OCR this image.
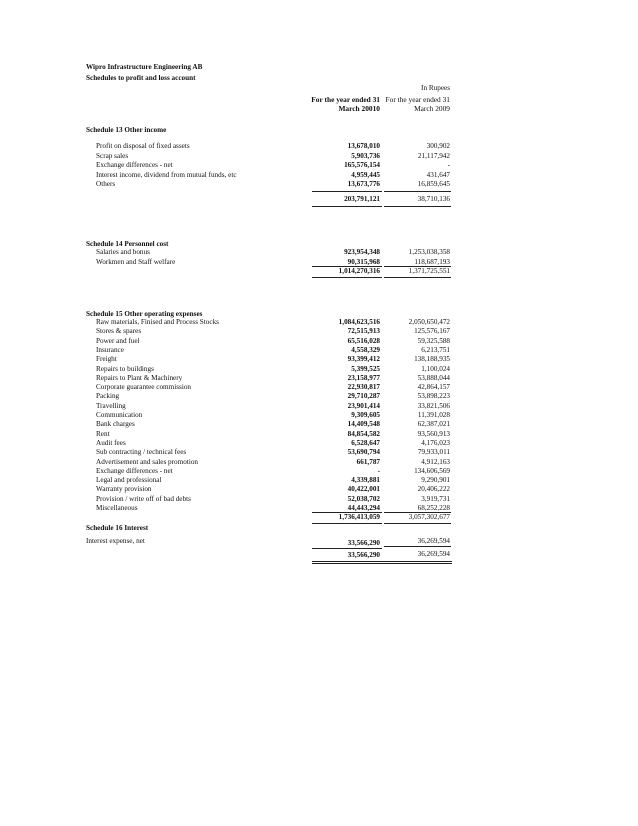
Wipro Infrastructure Engineering AB
Schedules to profit and loss account
In Rupees
For the year ended 31
March 20010
For the year ended 31
March 2009
Schedule 13 Other income
Profit on disposal of fixed assets	13,678,010	300,902
Scrap sales	5,903,736	21,117,942
Exchange differences - net	165,576,154	-
Interest income, dividend from mutual funds, etc	4,959,445	431,647
Others	13,673,776	16,859,645
203,791,121	38,710,136
Schedule 14 Personnel cost
Salaries and bonus	923,954,348	1,253,038,358
Workmen and Staff welfare	90,315,968	118,687,193
1,014,270,316	1,371,725,551
Schedule 15 Other operating expenses
Raw materials, Finised and Process Stocks	1,084,623,516	2,050,650,472
Stores & spares	72,515,913	125,576,167
Power and fuel	65,516,028	59,325,588
Insurance	4,558,329	6,213,751
Freight	93,399,412	138,188,935
Repairs to buildings	5,399,525	1,100,024
Repairs to Plant & Machinery	23,158,977	53,888,044
Corporate guarantee commission	22,930,817	42,864,157
Packing	29,710,287	53,898,223
Travelling	23,901,414	33,821,506
Communication	9,309,605	11,391,028
Bank charges	14,409,548	62,387,021
Rent	84,854,582	93,560,913
Audit fees	6,528,647	4,176,023
Sub contracting / technical fees	53,690,794	79,933,011
Advertisement and sales promotion	661,787	4,912,163
Exchange differences - net	-	134,606,569
Legal and professional	4,339,881	9,290,901
Warranty provision	40,422,001	20,406,222
Provision / write off of bad debts	52,038,702	3,919,731
Miscellaneous	44,443,294	68,252,228
1,736,413,059	3,057,302,677
Schedule 16 Interest
Interest expense, net	33,566,290	36,269,594
33,566,290	36,269,594
